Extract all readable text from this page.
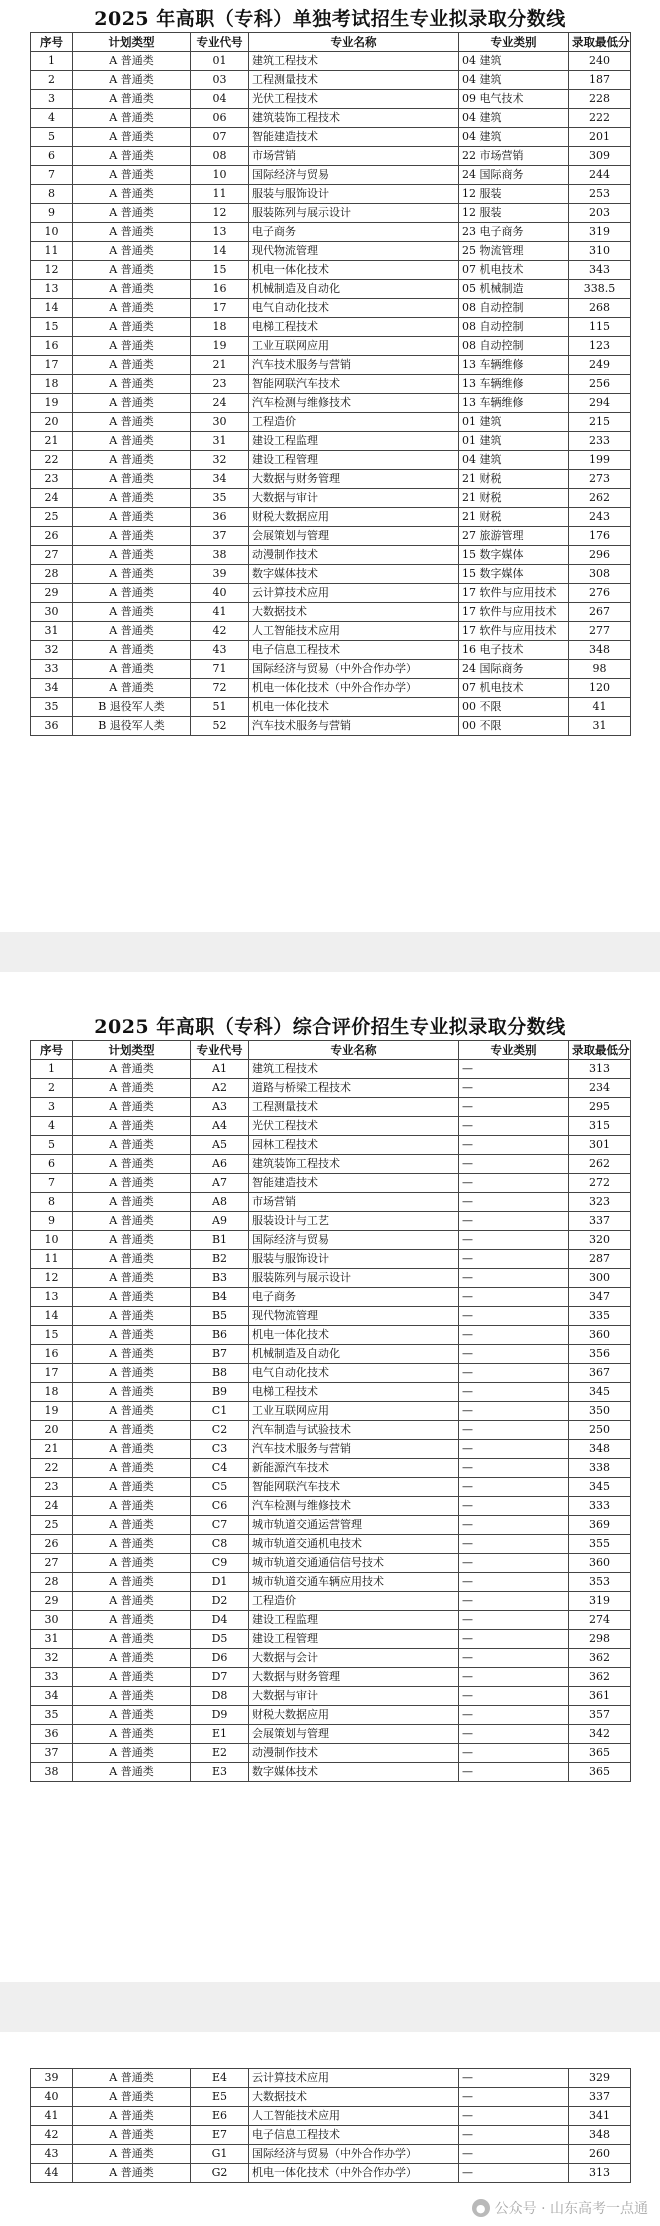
2025 年高职（专科）单独考试招生专业拟录取分数线
序号	计划类型	专业代号	专业名称	专业类别	录取最低分
1	A 普通类	01	建筑工程技术	04 建筑	240
2	A 普通类	03	工程测量技术	04 建筑	187
3	A 普通类	04	光伏工程技术	09 电气技术	228
4	A 普通类	06	建筑装饰工程技术	04 建筑	222
5	A 普通类	07	智能建造技术	04 建筑	201
6	A 普通类	08	市场营销	22 市场营销	309
7	A 普通类	10	国际经济与贸易	24 国际商务	244
8	A 普通类	11	服装与服饰设计	12 服装	253
9	A 普通类	12	服装陈列与展示设计	12 服装	203
10	A 普通类	13	电子商务	23 电子商务	319
11	A 普通类	14	现代物流管理	25 物流管理	310
12	A 普通类	15	机电一体化技术	07 机电技术	343
13	A 普通类	16	机械制造及自动化	05 机械制造	338.5
14	A 普通类	17	电气自动化技术	08 自动控制	268
15	A 普通类	18	电梯工程技术	08 自动控制	115
16	A 普通类	19	工业互联网应用	08 自动控制	123
17	A 普通类	21	汽车技术服务与营销	13 车辆维修	249
18	A 普通类	23	智能网联汽车技术	13 车辆维修	256
19	A 普通类	24	汽车检测与维修技术	13 车辆维修	294
20	A 普通类	30	工程造价	01 建筑	215
21	A 普通类	31	建设工程监理	01 建筑	233
22	A 普通类	32	建设工程管理	04 建筑	199
23	A 普通类	34	大数据与财务管理	21 财税	273
24	A 普通类	35	大数据与审计	21 财税	262
25	A 普通类	36	财税大数据应用	21 财税	243
26	A 普通类	37	会展策划与管理	27 旅游管理	176
27	A 普通类	38	动漫制作技术	15 数字媒体	296
28	A 普通类	39	数字媒体技术	15 数字媒体	308
29	A 普通类	40	云计算技术应用	17 软件与应用技术	276
30	A 普通类	41	大数据技术	17 软件与应用技术	267
31	A 普通类	42	人工智能技术应用	17 软件与应用技术	277
32	A 普通类	43	电子信息工程技术	16 电子技术	348
33	A 普通类	71	国际经济与贸易（中外合作办学）	24 国际商务	98
34	A 普通类	72	机电一体化技术（中外合作办学）	07 机电技术	120
35	B 退役军人类	51	机电一体化技术	00 不限	41
36	B 退役军人类	52	汽车技术服务与营销	00 不限	31
2025 年高职（专科）综合评价招生专业拟录取分数线
序号	计划类型	专业代号	专业名称	专业类别	录取最低分
1	A 普通类	A1	建筑工程技术	—	313
2	A 普通类	A2	道路与桥梁工程技术	—	234
3	A 普通类	A3	工程测量技术	—	295
4	A 普通类	A4	光伏工程技术	—	315
5	A 普通类	A5	园林工程技术	—	301
6	A 普通类	A6	建筑装饰工程技术	—	262
7	A 普通类	A7	智能建造技术	—	272
8	A 普通类	A8	市场营销	—	323
9	A 普通类	A9	服装设计与工艺	—	337
10	A 普通类	B1	国际经济与贸易	—	320
11	A 普通类	B2	服装与服饰设计	—	287
12	A 普通类	B3	服装陈列与展示设计	—	300
13	A 普通类	B4	电子商务	—	347
14	A 普通类	B5	现代物流管理	—	335
15	A 普通类	B6	机电一体化技术	—	360
16	A 普通类	B7	机械制造及自动化	—	356
17	A 普通类	B8	电气自动化技术	—	367
18	A 普通类	B9	电梯工程技术	—	345
19	A 普通类	C1	工业互联网应用	—	350
20	A 普通类	C2	汽车制造与试验技术	—	250
21	A 普通类	C3	汽车技术服务与营销	—	348
22	A 普通类	C4	新能源汽车技术	—	338
23	A 普通类	C5	智能网联汽车技术	—	345
24	A 普通类	C6	汽车检测与维修技术	—	333
25	A 普通类	C7	城市轨道交通运营管理	—	369
26	A 普通类	C8	城市轨道交通机电技术	—	355
27	A 普通类	C9	城市轨道交通通信信号技术	—	360
28	A 普通类	D1	城市轨道交通车辆应用技术	—	353
29	A 普通类	D2	工程造价	—	319
30	A 普通类	D4	建设工程监理	—	274
31	A 普通类	D5	建设工程管理	—	298
32	A 普通类	D6	大数据与会计	—	362
33	A 普通类	D7	大数据与财务管理	—	362
34	A 普通类	D8	大数据与审计	—	361
35	A 普通类	D9	财税大数据应用	—	357
36	A 普通类	E1	会展策划与管理	—	342
37	A 普通类	E2	动漫制作技术	—	365
38	A 普通类	E3	数字媒体技术	—	365
39	A 普通类	E4	云计算技术应用	—	329
40	A 普通类	E5	大数据技术	—	337
41	A 普通类	E6	人工智能技术应用	—	341
42	A 普通类	E7	电子信息工程技术	—	348
43	A 普通类	G1	国际经济与贸易（中外合作办学）	—	260
44	A 普通类	G2	机电一体化技术（中外合作办学）	—	313
● 公众号 · 山东高考一点通
